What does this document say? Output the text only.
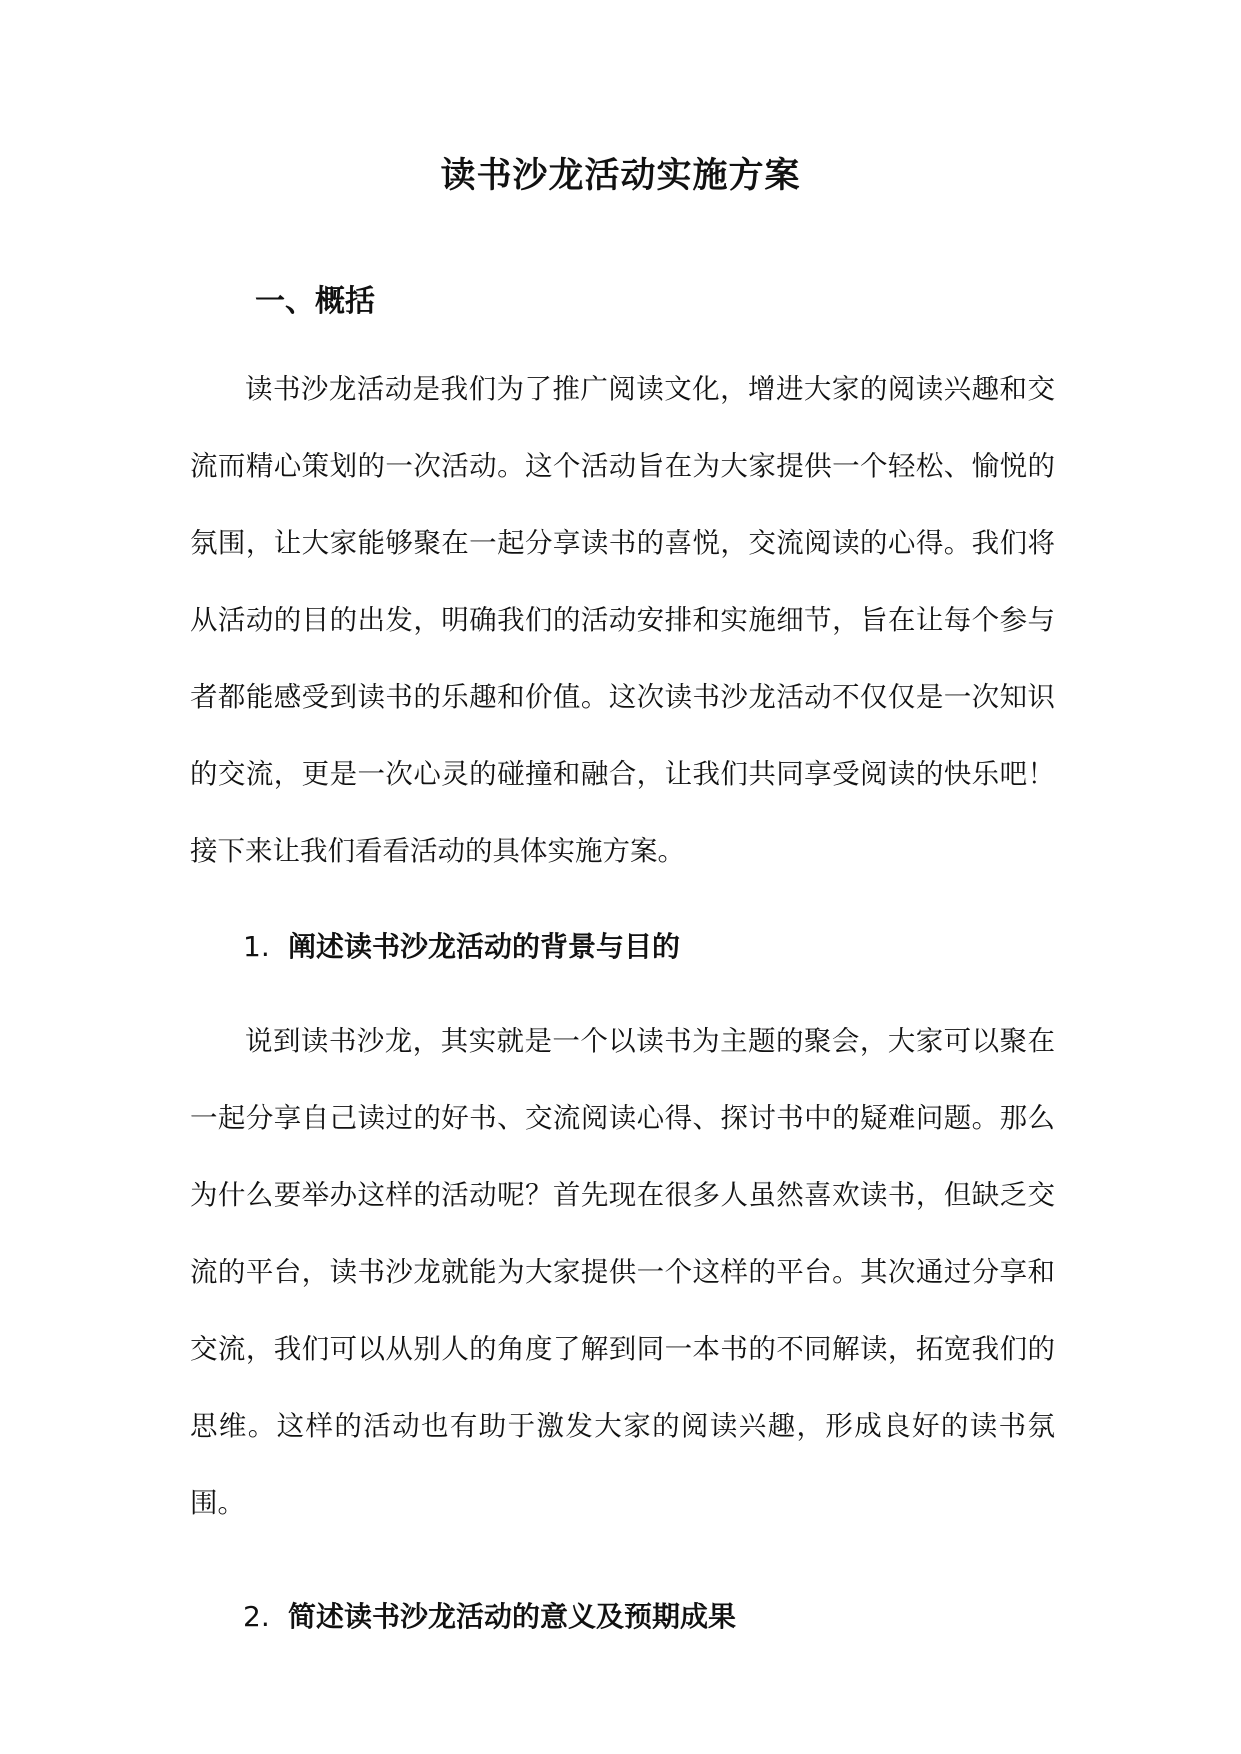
读书沙龙活动实施方案
一、概括

读书沙龙活动是我们为了推广阅读文化，增进大家的阅读兴趣和交流而精心策划的一次活动。这个活动旨在为大家提供一个轻松、愉悦的氛围，让大家能够聚在一起分享读书的喜悦，交流阅读的心得。我们将从活动的目的出发，明确我们的活动安排和实施细节，旨在让每个参与者都能感受到读书的乐趣和价值。这次读书沙龙活动不仅仅是一次知识的交流，更是一次心灵的碰撞和融合，让我们共同享受阅读的快乐吧！接下来让我们看看活动的具体实施方案。

1. 阐述读书沙龙活动的背景与目的

说到读书沙龙，其实就是一个以读书为主题的聚会，大家可以聚在一起分享自己读过的好书、交流阅读心得、探讨书中的疑难问题。那么为什么要举办这样的活动呢？首先现在很多人虽然喜欢读书，但缺乏交流的平台，读书沙龙就能为大家提供一个这样的平台。其次通过分享和交流，我们可以从别人的角度了解到同一本书的不同解读，拓宽我们的思维。这样的活动也有助于激发大家的阅读兴趣，形成良好的读书氛围。

2. 简述读书沙龙活动的意义及预期成果
